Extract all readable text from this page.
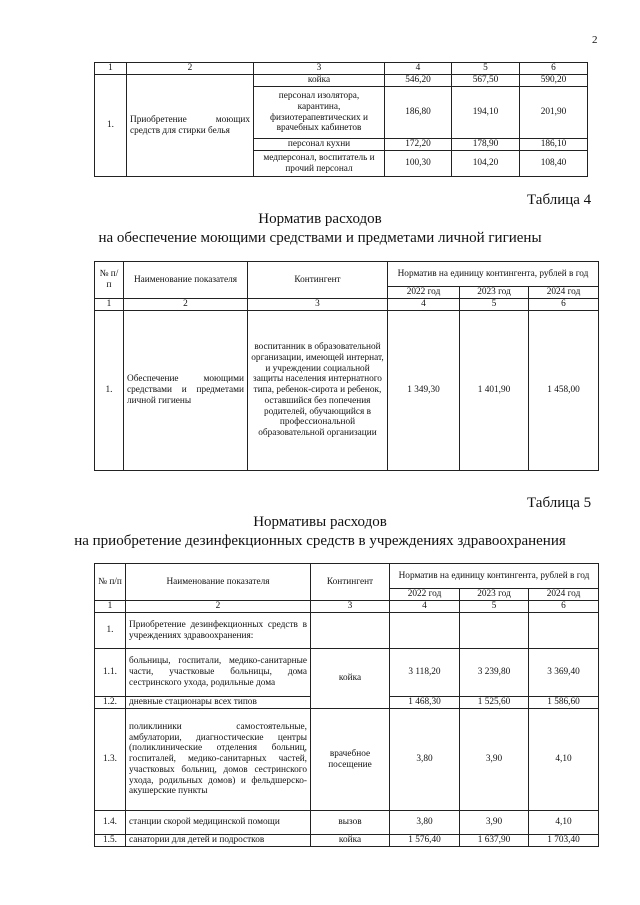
2
1	2	3	4	5	6
1.	Приобретение моющих средств для стирки белья	койка	546,20	567,50	590,20
		персонал изолятора, карантина, физиотерапевтических и врачебных кабинетов	186,80	194,10	201,90
		персонал кухни	172,20	178,90	186,10
		медперсонал, воспитатель и прочий персонал	100,30	104,20	108,40
Таблица 4
Норматив расходов
на обеспечение моющими средствами и предметами личной гигиены
№ п/п	Наименование показателя	Контингент	Норматив на единицу контингента, рублей в год		
			2022 год	2023 год	2024 год
1	2	3	4	5	6
1.	Обеспечение моющими средствами и предметами личной гигиены	воспитанник в образовательной организации, имеющей интернат, и учреждении социальной защиты населения интернатного типа, ребенок-сирота и ребенок, оставшийся без попечения родителей, обучающийся в профессиональной образовательной организации	1 349,30	1 401,90	1 458,00
Таблица 5
Нормативы расходов
на приобретение дезинфекционных средств в учреждениях здравоохранения
№ п/п	Наименование показателя	Контингент	Норматив на единицу контингента, рублей в год		
			2022 год	2023 год	2024 год
1	2	3	4	5	6
1.	Приобретение дезинфекционных средств в учреждениях здравоохранения:				
1.1.	больницы, госпитали, медико-санитарные части, участковые больницы, дома сестринского ухода, родильные дома	койка	3 118,20	3 239,80	3 369,40
1.2.	дневные стационары всех типов		1 468,30	1 525,60	1 586,60
1.3.	поликлиники самостоятельные, амбулатории, диагностические центры (поликлинические отделения больниц, госпиталей, медико-санитарных частей, участковых больниц, домов сестринского ухода, родильных домов) и фельдшерско-акушерские пункты	врачебное посещение	3,80	3,90	4,10
1.4.	станции скорой медицинской помощи	вызов	3,80	3,90	4,10
1.5.	санатории для детей и подростков	койка	1 576,40	1 637,90	1 703,40
